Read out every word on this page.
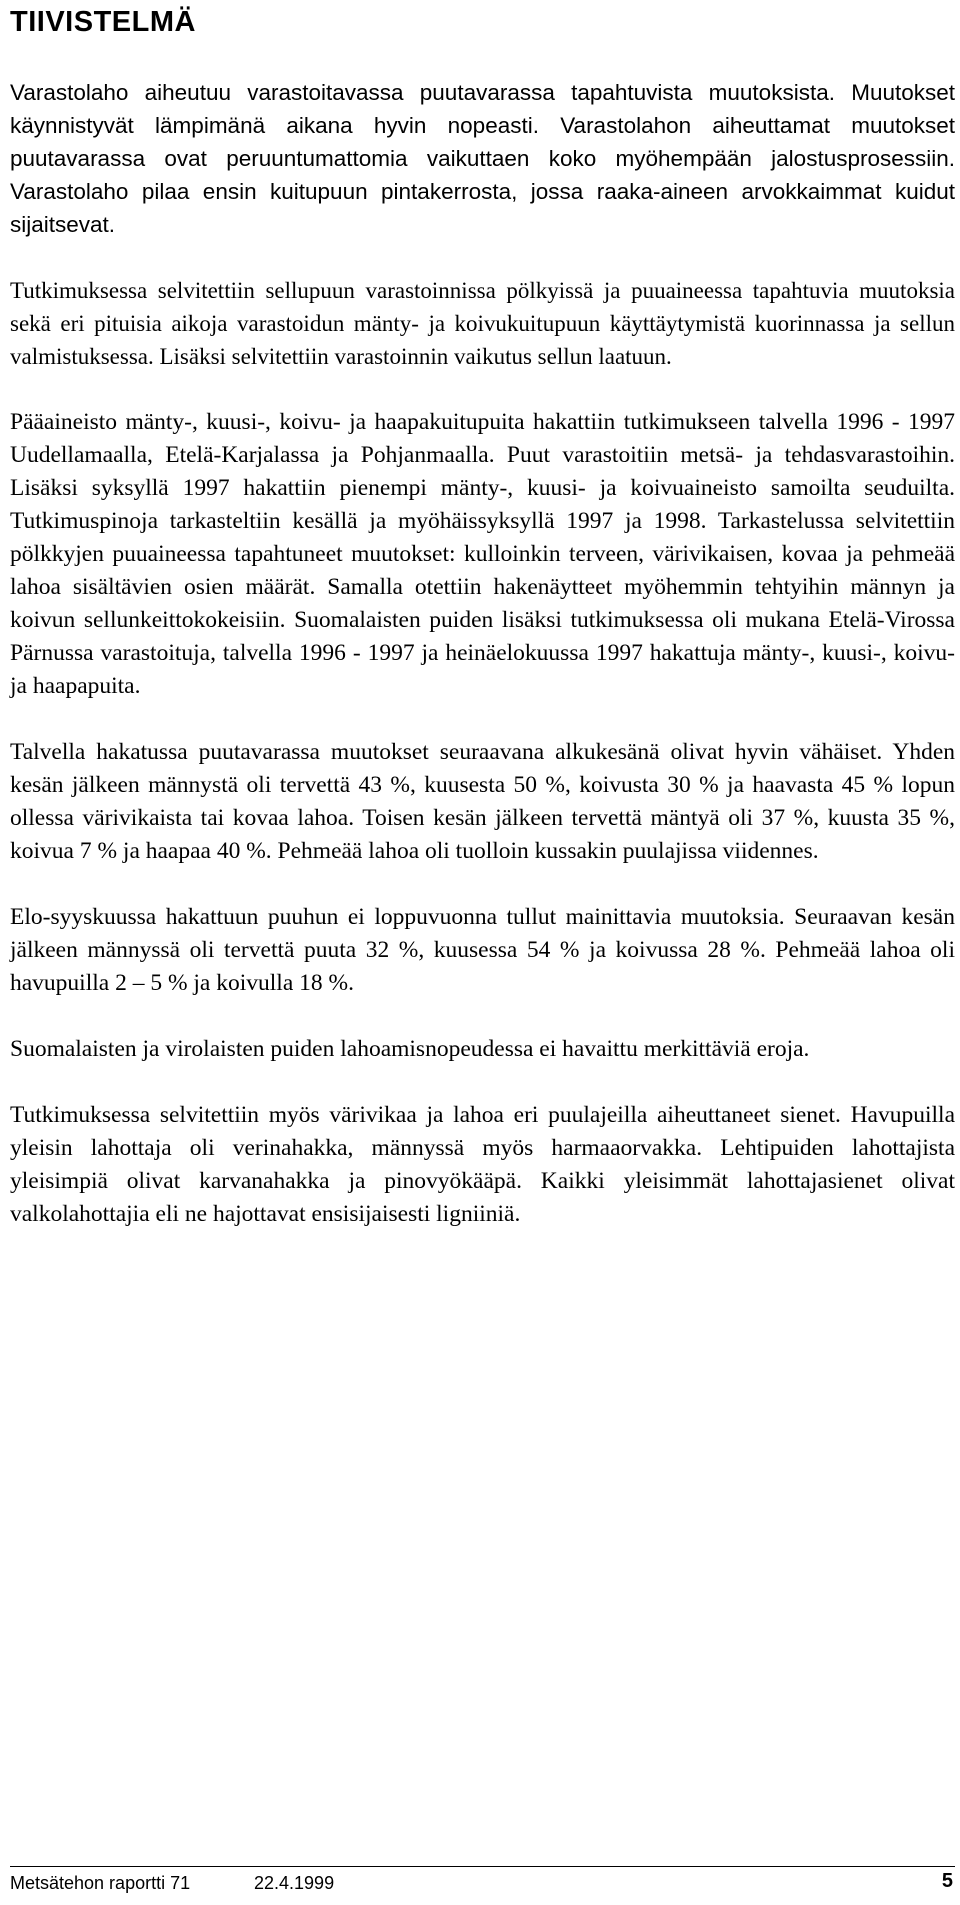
TIIVISTELMÄ

Varastolaho aiheutuu varastoitavassa puutavarassa tapahtuvista muutoksista. Muutokset käynnistyvät lämpimänä aikana hyvin nopeasti. Varastolahon aiheuttamat muutokset puutavarassa ovat peruuntumattomia vaikuttaen koko myöhempään jalostusprosessiin. Varastolaho pilaa ensin kuitupuun pintakerrosta, jossa raaka-aineen arvokkaimmat kuidut sijaitsevat.

Tutkimuksessa selvitettiin sellupuun varastoinnissa pölkyissä ja puuaineessa tapahtuvia muutoksia sekä eri pituisia aikoja varastoidun mänty- ja koivukuitupuun käyttäytymistä kuorinnassa ja sellun valmistuksessa. Lisäksi selvitettiin varastoinnin vaikutus sellun laatuun.

Pääaineisto mänty-, kuusi-, koivu- ja haapakuitupuita hakattiin tutkimukseen talvella 1996 - 1997 Uudellamaalla, Etelä-Karjalassa ja Pohjanmaalla. Puut varastoitiin metsä- ja tehdasvarastoihin. Lisäksi syksyllä 1997 hakattiin pienempi mänty-, kuusi- ja koivuaineisto samoilta seuduilta. Tutkimuspinoja tarkasteltiin kesällä ja myöhäissyksyllä 1997 ja 1998. Tarkastelussa selvitettiin pölkkyjen puuaineessa tapahtuneet muutokset: kulloinkin terveen, värivikaisen, kovaa ja pehmeää lahoa sisältävien osien määrät. Samalla otettiin hakenäytteet myöhemmin tehtyihin männyn ja koivun sellunkeittokokeisiin. Suomalaisten puiden lisäksi tutkimuksessa oli mukana Etelä-Virossa Pärnussa varastoituja, talvella 1996 - 1997 ja heinäelokuussa 1997 hakattuja mänty-, kuusi-, koivu- ja haapapuita.

Talvella hakatussa puutavarassa muutokset seuraavana alkukesänä olivat hyvin vähäiset. Yhden kesän jälkeen männystä oli tervettä 43 %, kuusesta 50 %, koivusta 30 % ja haavasta 45 % lopun ollessa värivikaista tai kovaa lahoa. Toisen kesän jälkeen tervettä mäntyä oli 37 %, kuusta 35 %, koivua 7 % ja haapaa 40 %. Pehmeää lahoa oli tuolloin kussakin puulajissa viidennes.

Elo-syyskuussa hakattuun puuhun ei loppuvuonna tullut mainittavia muutoksia. Seuraavan kesän jälkeen männyssä oli tervettä puuta 32 %, kuusessa 54 % ja koivussa 28 %. Pehmeää lahoa oli havupuilla 2 – 5 % ja koivulla 18 %.

Suomalaisten ja virolaisten puiden lahoamisnopeudessa ei havaittu merkittäviä eroja.

Tutkimuksessa selvitettiin myös värivikaa ja lahoa eri puulajeilla aiheuttaneet sienet. Havupuilla yleisin lahottaja oli verinahakka, männyssä myös harmaaorvakka. Lehtipuiden lahottajista yleisimpiä olivat karvanahakka ja pinovyökääpä. Kaikki yleisimmät lahottajasienet olivat valkolahottajia eli ne hajottavat ensisijaisesti ligniiniä.

Metsätehon raportti 71	22.4.1999	5
